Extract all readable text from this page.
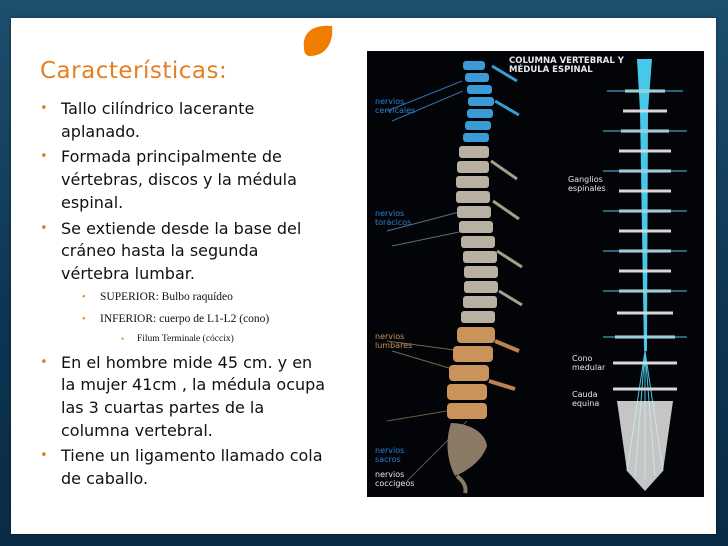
Características:
• Tallo cilíndrico lacerante aplanado.
• Formada principalmente de vértebras, discos y la médula espinal.
• Se extiende desde la base del cráneo hasta la segunda vértebra lumbar.
• SUPERIOR: Bulbo raquídeo
• INFERIOR: cuerpo de L1-L2 (cono)
• Filum Terminale (cóccix)
• En el hombre mide 45 cm. y en la mujer 41cm , la médula ocupa las 3 cuartas partes de la columna vertebral.
• Tiene un ligamento llamado cola de caballo.
COLUMNA VERTEBRAL Y
MÉDULA ESPINAL
nervios
cervicales
nervios
torácicos
nervios
lumbares
nervios
sacros
nervios
coccigeos
Ganglios
espinales
Cono
medular
Cauda
equina
